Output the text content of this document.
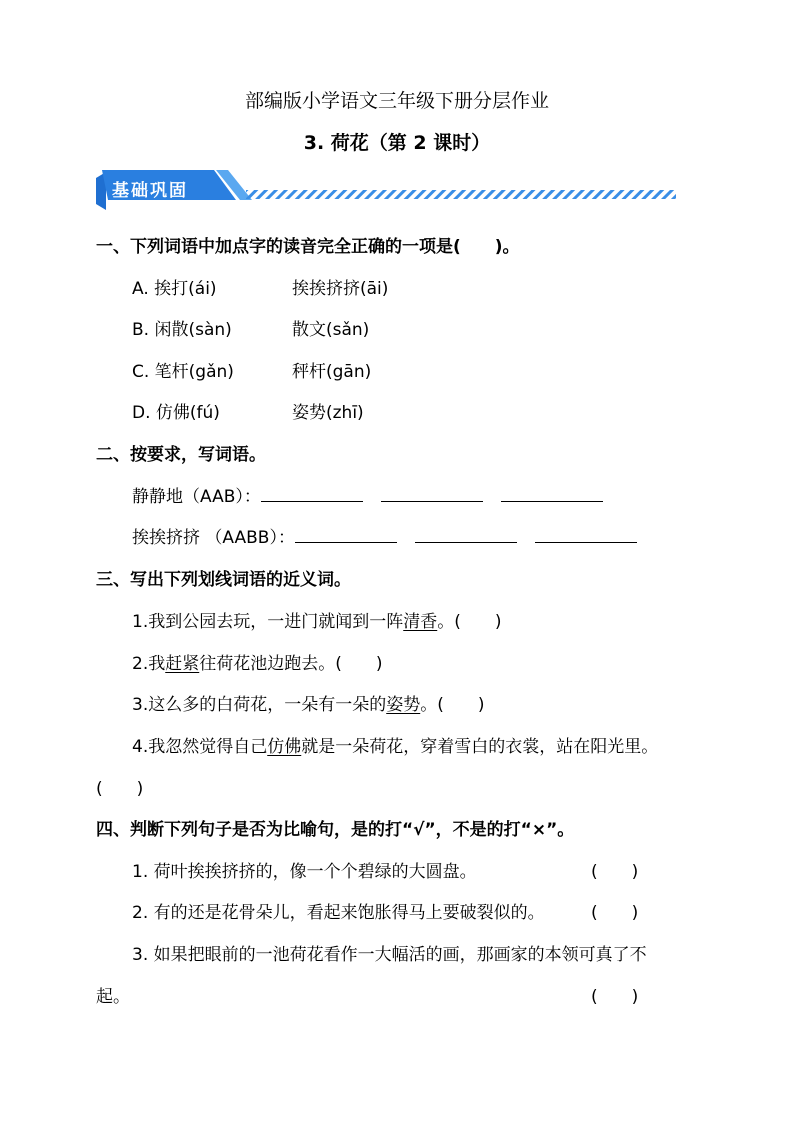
部编版小学语文三年级下册分层作业
3. 荷花（第 2 课时）
基础巩固
一、下列词语中加点字的读音完全正确的一项是(　　)。
A. 挨打(ái)	挨挨挤挤(āi)
B. 闲散(sàn)	散文(sǎn)
C. 笔杆(gǎn)	秤杆(gān)
D. 仿佛(fú)	姿势(zhī)
二、按要求，写词语。
静静地（AAB）：
挨挨挤挤 （AABB）：
三、写出下列划线词语的近义词。
1.我到公园去玩，一进门就闻到一阵清香。(　　)
2.我赶紧往荷花池边跑去。(　　)
3.这么多的白荷花，一朵有一朵的姿势。(　　)
4.我忽然觉得自己仿佛就是一朵荷花，穿着雪白的衣裳，站在阳光里。
(　　)
四、判断下列句子是否为比喻句，是的打“√”，不是的打“×”。
1. 荷叶挨挨挤挤的，像一个个碧绿的大圆盘。	(　　)
2. 有的还是花骨朵儿，看起来饱胀得马上要破裂似的。	(　　)
3. 如果把眼前的一池荷花看作一大幅活的画，那画家的本领可真了不
起。	(　　)
